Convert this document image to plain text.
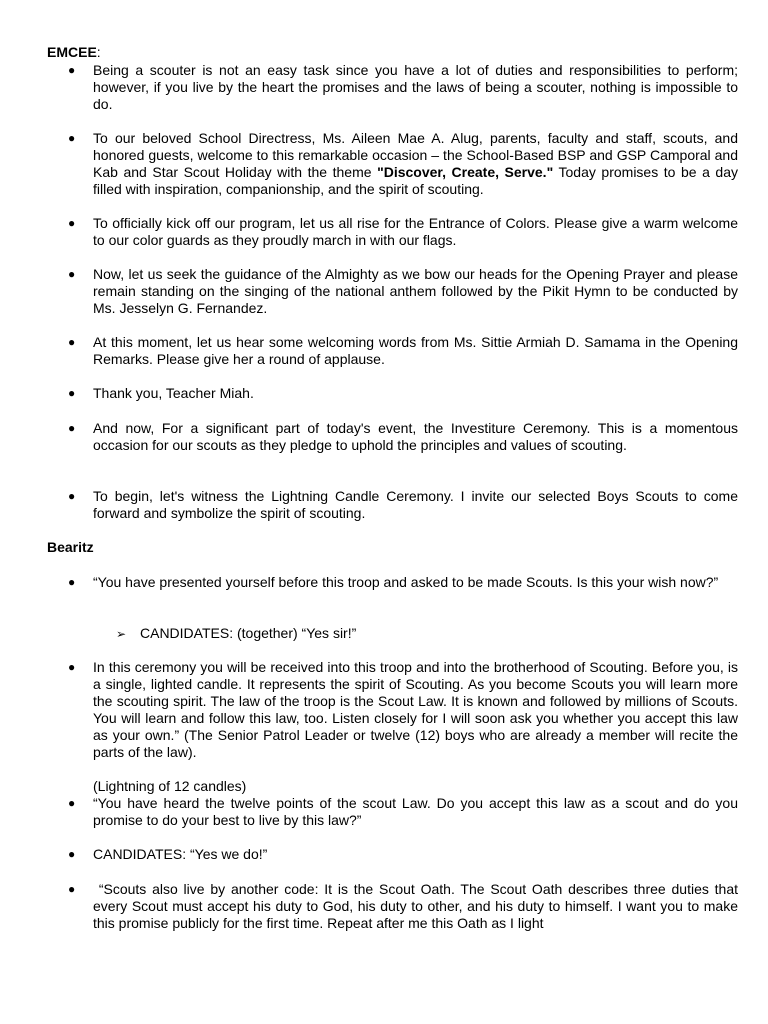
EMCEE:
●	Being a scouter is not an easy task since you have a lot of duties and responsibilities to perform; however, if you live by the heart the promises and the laws of being a scouter, nothing is impossible to do.
●	To our beloved School Directress, Ms. Aileen Mae A. Alug, parents, faculty and staff, scouts, and honored guests, welcome to this remarkable occasion – the School-Based BSP and GSP Camporal and Kab and Star Scout Holiday with the theme "Discover, Create, Serve." Today promises to be a day filled with inspiration, companionship, and the spirit of scouting.
●	To officially kick off our program, let us all rise for the Entrance of Colors. Please give a warm welcome to our color guards as they proudly march in with our flags.
●	Now, let us seek the guidance of the Almighty as we bow our heads for the Opening Prayer and please remain standing on the singing of the national anthem followed by the Pikit Hymn to be conducted by Ms. Jesselyn G. Fernandez.
●	At this moment, let us hear some welcoming words from Ms. Sittie Armiah D. Samama in the Opening Remarks. Please give her a round of applause.
●	Thank you, Teacher Miah.
●	And now, For a significant part of today's event, the Investiture Ceremony. This is a momentous occasion for our scouts as they pledge to uphold the principles and values of scouting.
●	To begin, let's witness the Lightning Candle Ceremony. I invite our selected Boys Scouts to come forward and symbolize the spirit of scouting.
Bearitz
●	“You have presented yourself before this troop and asked to be made Scouts. Is this your wish now?”
➢ CANDIDATES: (together) “Yes sir!”
●	In this ceremony you will be received into this troop and into the brotherhood of Scouting. Before you, is a single, lighted candle. It represents the spirit of Scouting. As you become Scouts you will learn more the scouting spirit. The law of the troop is the Scout Law. It is known and followed by millions of Scouts. You will learn and follow this law, too. Listen closely for I will soon ask you whether you accept this law as your own.” (The Senior Patrol Leader or twelve (12) boys who are already a member will recite the parts of the law).
(Lightning of 12 candles)
●	“You have heard the twelve points of the scout Law. Do you accept this law as a scout and do you promise to do your best to live by this law?”
●	CANDIDATES: “Yes we do!”
●	“Scouts also live by another code: It is the Scout Oath. The Scout Oath describes three duties that every Scout must accept his duty to God, his duty to other, and his duty to himself. I want you to make this promise publicly for the first time. Repeat after me this Oath as I light
